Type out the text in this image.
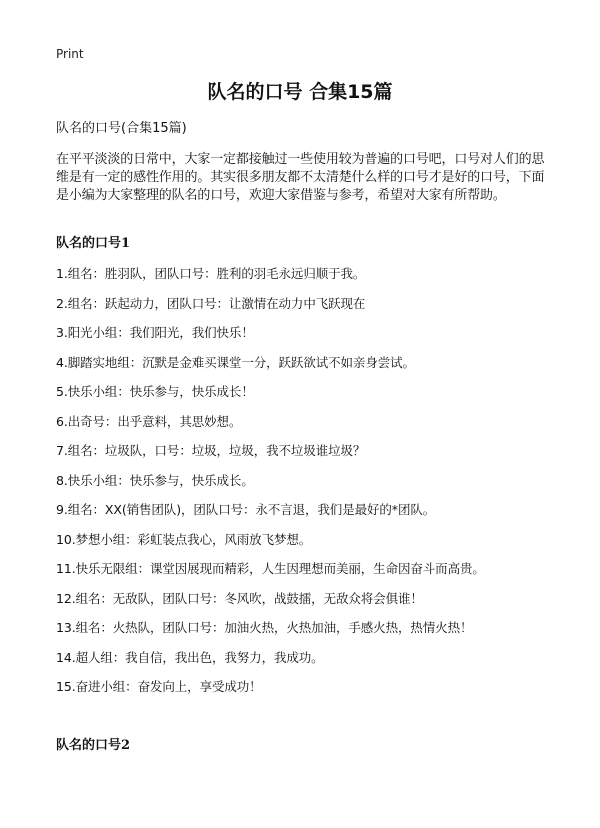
Print
队名的口号 合集15篇
队名的口号(合集15篇)
在平平淡淡的日常中，大家一定都接触过一些使用较为普遍的口号吧，口号对人们的思维是有一定的感性作用的。其实很多朋友都不太清楚什么样的口号才是好的口号，下面是小编为大家整理的队名的口号，欢迎大家借鉴与参考，希望对大家有所帮助。
队名的口号1
1.组名：胜羽队，团队口号：胜利的羽毛永远归顺于我。
2.组名：跃起动力，团队口号：让激情在动力中飞跃现在
3.阳光小组：我们阳光，我们快乐！
4.脚踏实地组：沉默是金难买课堂一分，跃跃欲试不如亲身尝试。
5.快乐小组：快乐参与，快乐成长！
6.出奇号：出乎意料，其思妙想。
7.组名：垃圾队，口号：垃圾，垃圾，我不垃圾谁垃圾？
8.快乐小组：快乐参与，快乐成长。
9.组名：XX(销售团队)，团队口号：永不言退，我们是最好的*团队。
10.梦想小组：彩虹装点我心，风雨放飞梦想。
11.快乐无限组：课堂因展现而精彩，人生因理想而美丽，生命因奋斗而高贵。
12.组名：无敌队，团队口号：冬风吹，战鼓擂，无敌众将会俱谁！
13.组名：火热队，团队口号：加油火热，火热加油，手感火热，热情火热！
14.超人组：我自信，我出色，我努力，我成功。
15.奋进小组：奋发向上，享受成功！
队名的口号2
